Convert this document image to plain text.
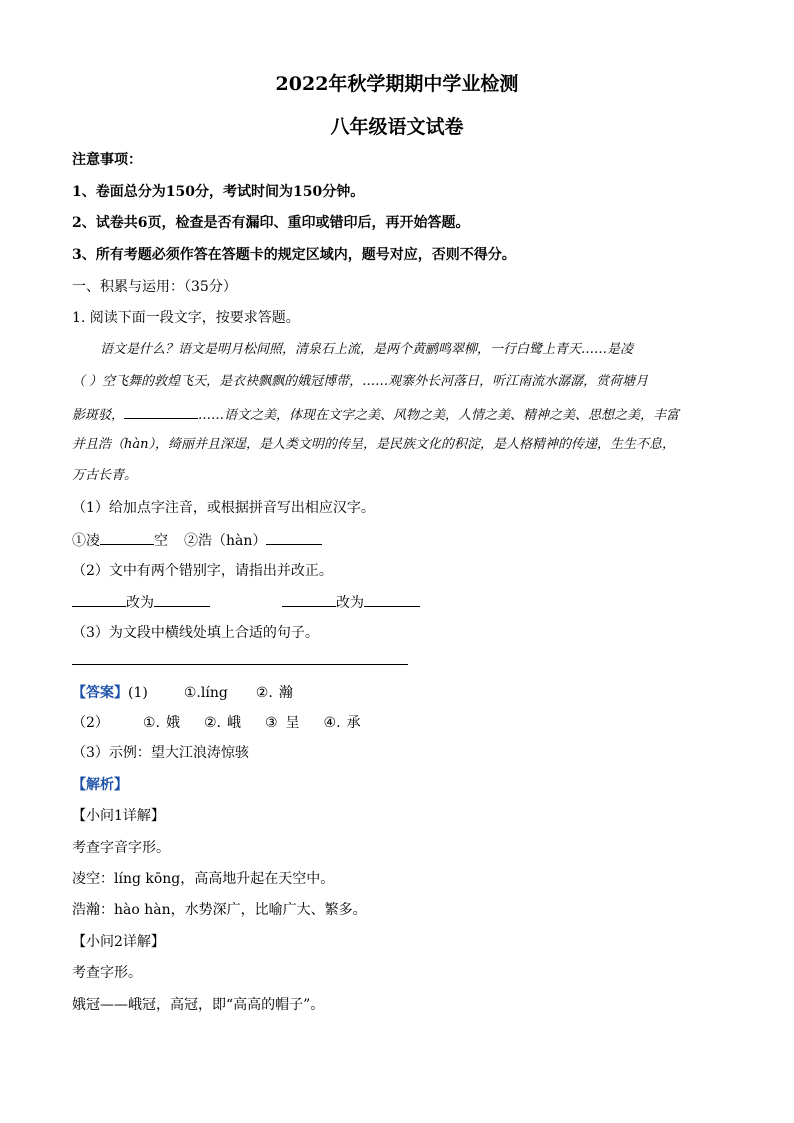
2022年秋学期期中学业检测
八年级语文试卷
注意事项：
1、卷面总分为150分，考试时间为150分钟。
2、试卷共6页，检查是否有漏印、重印或错印后，再开始答题。
3、所有考题必须作答在答题卡的规定区域内，题号对应，否则不得分。
一、积累与运用：（35分）
1. 阅读下面一段文字，按要求答题。
语文是什么？语文是明月松间照，清泉石上流，是两个黄鹂鸣翠柳，一行白鹭上青天……是凌
（ ）空飞舞的敦煌飞天，是衣袂飘飘的娥冠博带，……观寨外长河落日，听江南流水潺潺，赏荷塘月
影斑驳，	……语文之美，体现在文字之美、风物之美，人情之美、精神之美、思想之美，丰富
并且浩（hàn），绮丽并且深逞，是人类文明的传呈，是民族文化的积淀，是人格精神的传递，生生不息，
万古长青。
（1）给加点字注音，或根据拼音写出相应汉字。
①凌	空 ②浩（hàn）
（2）文中有两个错别字，请指出并改正。
改为	改为
（3）为文段中横线处填上合适的句子。
【答案】(1)	①.líng ②. 瀚
（2） ①. 娥 ②. 峨 ③ 呈 ④. 承
（3）示例：望大江浪涛惊骇
【解析】
【小问1详解】
考查字音字形。
凌空：líng kōng，高高地升起在天空中。
浩瀚：hào hàn，水势深广，比喻广大、繁多。
【小问2详解】
考查字形。
娥冠——峨冠，高冠，即“高高的帽子”。
